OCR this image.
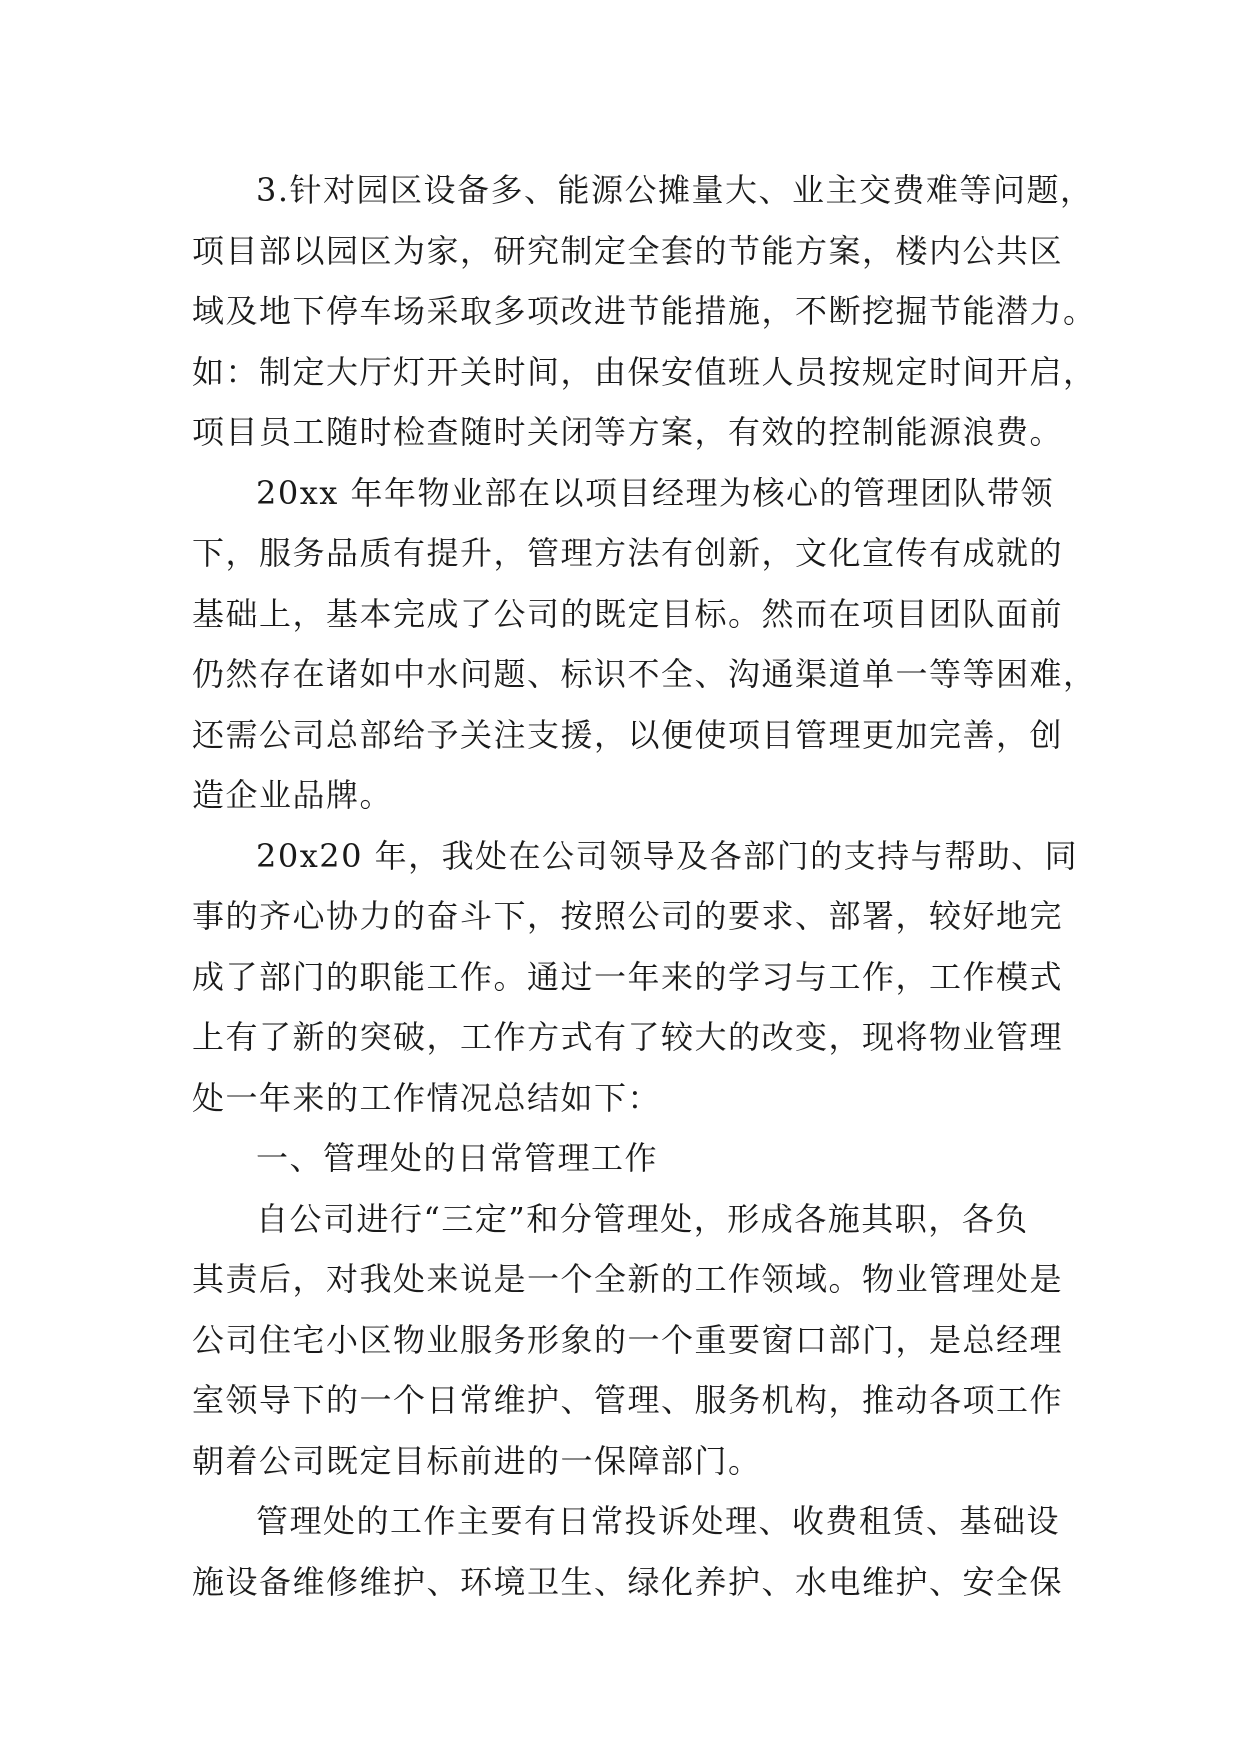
3.针对园区设备多、能源公摊量大、业主交费难等问题，
项目部以园区为家，研究制定全套的节能方案，楼内公共区
域及地下停车场采取多项改进节能措施，不断挖掘节能潜力。
如：制定大厅灯开关时间，由保安值班人员按规定时间开启，
项目员工随时检查随时关闭等方案，有效的控制能源浪费。
20xx 年年物业部在以项目经理为核心的管理团队带领
下，服务品质有提升，管理方法有创新，文化宣传有成就的
基础上，基本完成了公司的既定目标。然而在项目团队面前
仍然存在诸如中水问题、标识不全、沟通渠道单一等等困难，
还需公司总部给予关注支援，以便使项目管理更加完善，创
造企业品牌。
20x20 年，我处在公司领导及各部门的支持与帮助、同
事的齐心协力的奋斗下，按照公司的要求、部署，较好地完
成了部门的职能工作。通过一年来的学习与工作，工作模式
上有了新的突破，工作方式有了较大的改变，现将物业管理
处一年来的工作情况总结如下：
一、管理处的日常管理工作
自公司进行“三定”和分管理处，形成各施其职，各负
其责后，对我处来说是一个全新的工作领域。物业管理处是
公司住宅小区物业服务形象的一个重要窗口部门，是总经理
室领导下的一个日常维护、管理、服务机构，推动各项工作
朝着公司既定目标前进的一保障部门。
管理处的工作主要有日常投诉处理、收费租赁、基础设
施设备维修维护、环境卫生、绿化养护、水电维护、安全保
